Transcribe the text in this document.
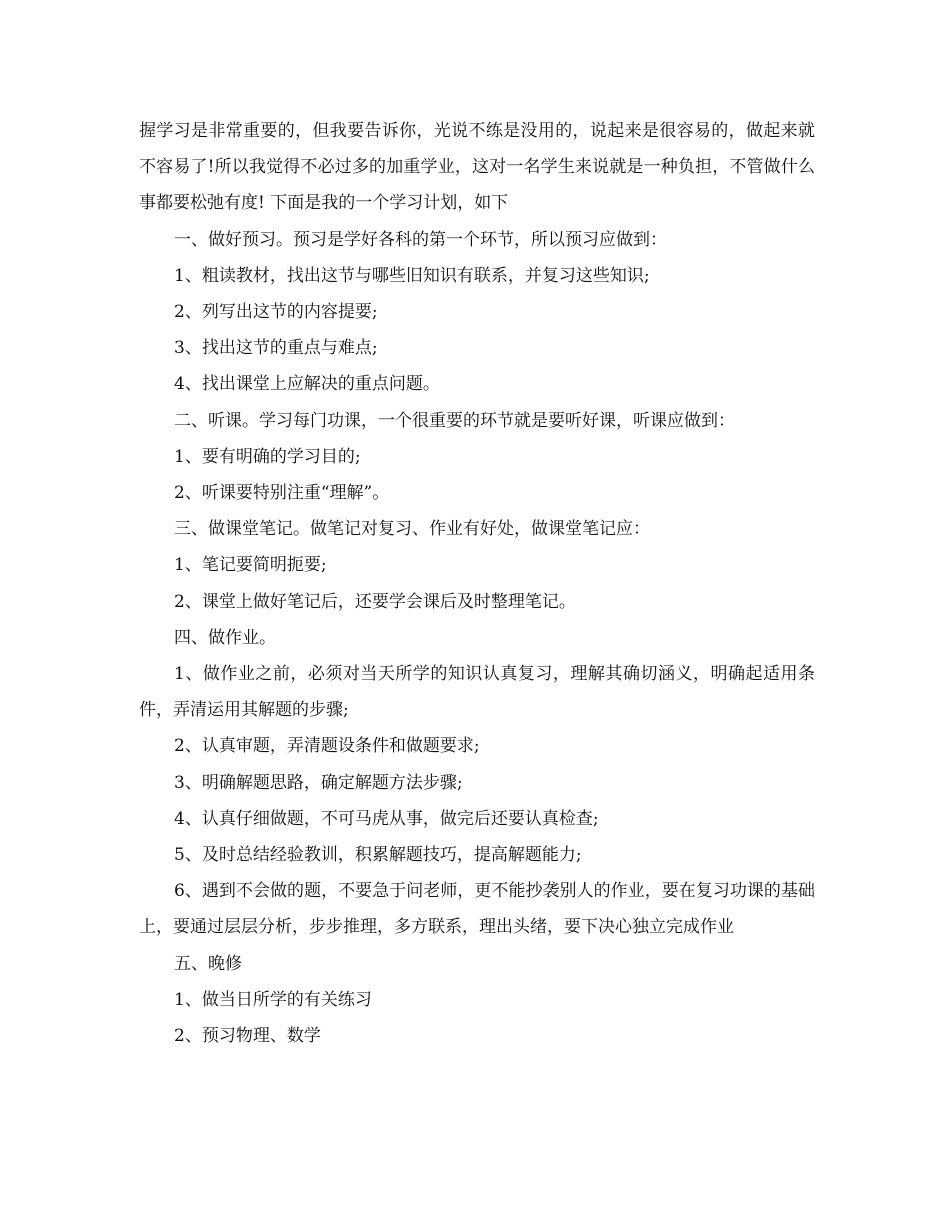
握学习是非常重要的，但我要告诉你，光说不练是没用的，说起来是很容易的，做起来就不容易了!所以我觉得不必过多的加重学业，这对一名学生来说就是一种负担，不管做什么事都要松弛有度! 下面是我的一个学习计划，如下

一、做好预习。预习是学好各科的第一个环节，所以预习应做到：

1、粗读教材，找出这节与哪些旧知识有联系，并复习这些知识;

2、列写出这节的内容提要;

3、找出这节的重点与难点;

4、找出课堂上应解决的重点问题。

二、听课。学习每门功课，一个很重要的环节就是要听好课，听课应做到：

1、要有明确的学习目的;

2、听课要特别注重“理解”。

三、做课堂笔记。做笔记对复习、作业有好处，做课堂笔记应：

1、笔记要简明扼要;

2、课堂上做好笔记后，还要学会课后及时整理笔记。

四、做作业。

1、做作业之前，必须对当天所学的知识认真复习，理解其确切涵义，明确起适用条件，弄清运用其解题的步骤;

2、认真审题，弄清题设条件和做题要求;

3、明确解题思路，确定解题方法步骤;

4、认真仔细做题，不可马虎从事，做完后还要认真检查;

5、及时总结经验教训，积累解题技巧，提高解题能力;

6、遇到不会做的题，不要急于问老师，更不能抄袭别人的作业，要在复习功课的基础上，要通过层层分析，步步推理，多方联系，理出头绪，要下决心独立完成作业

五、晚修

1、做当日所学的有关练习

2、预习物理、数学
